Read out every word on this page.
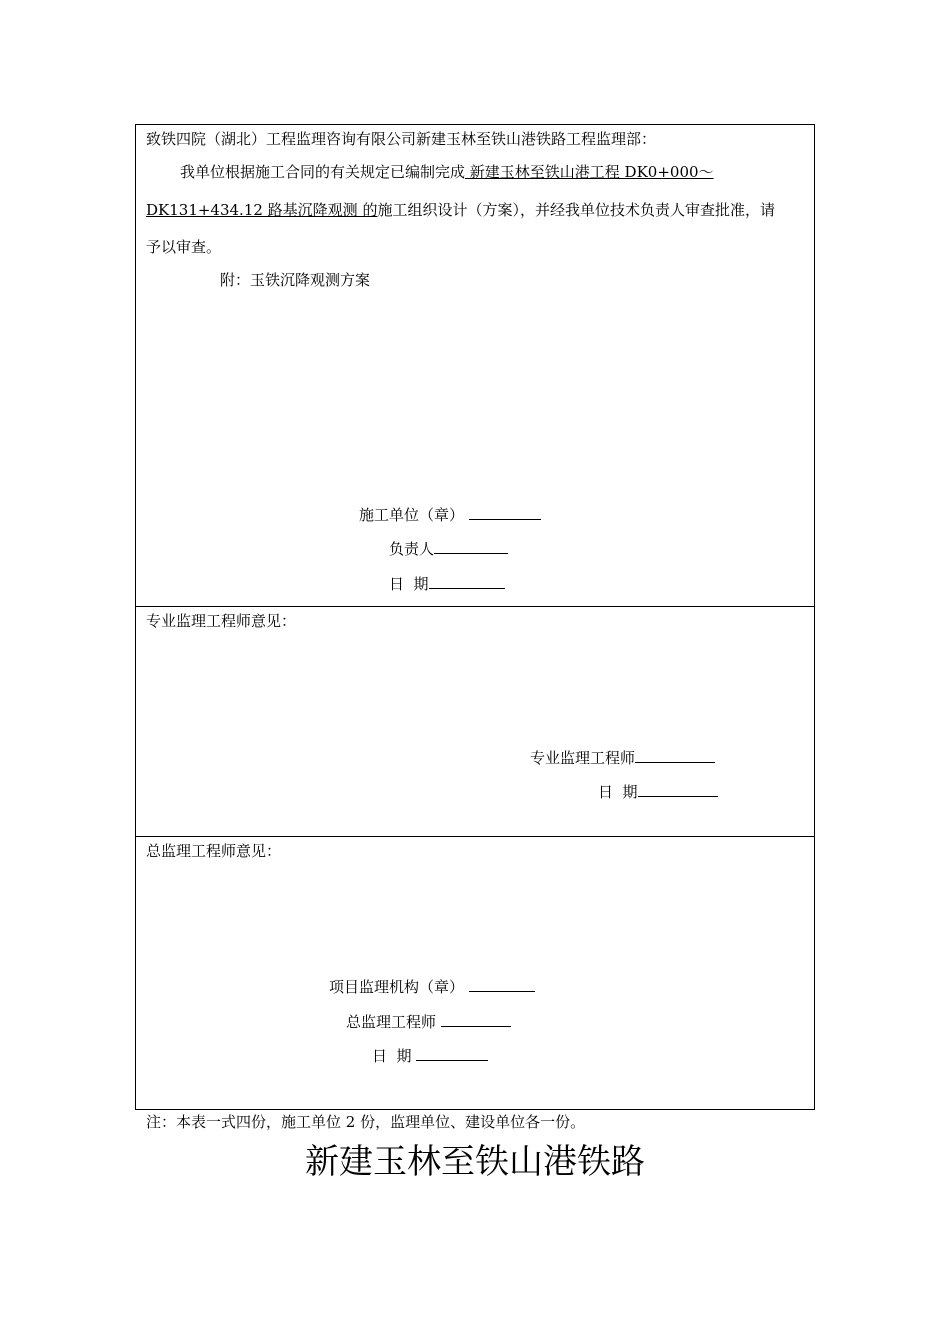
致铁四院（湖北）工程监理咨询有限公司新建玉林至铁山港铁路工程监理部：
我单位根据施工合同的有关规定已编制完成 新建玉林至铁山港工程 DK0+000～
DK131+434.12 路基沉降观测 的施工组织设计（方案），并经我单位技术负责人审查批准，请
予以审查。
附：玉铁沉降观测方案
施工单位（章）
负责人
日  期
专业监理工程师意见：
专业监理工程师
日  期
总监理工程师意见：
项目监理机构（章）
总监理工程师
日  期
注：本表一式四份，施工单位 2 份，监理单位、建设单位各一份。
新建玉林至铁山港铁路
